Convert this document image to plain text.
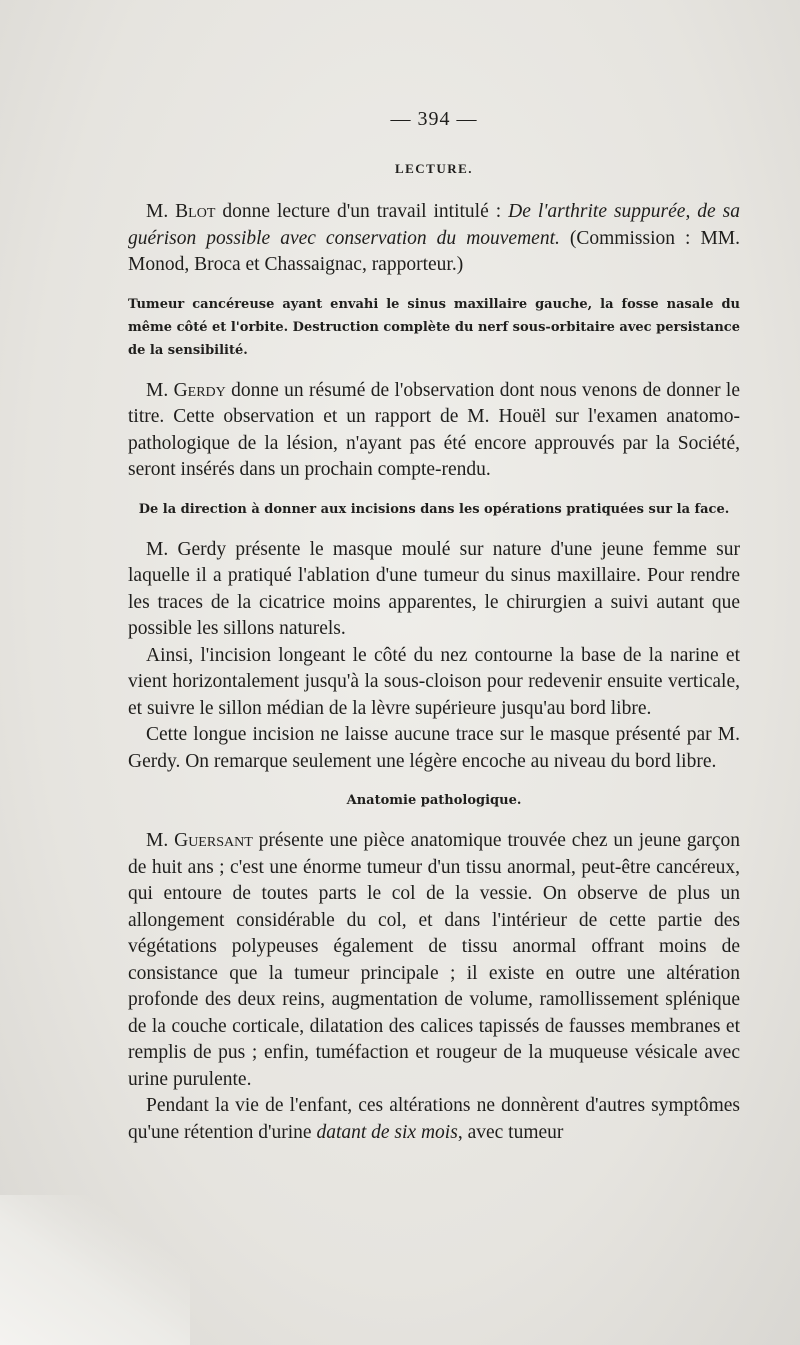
— 394 —
LECTURE.

M. Blot donne lecture d'un travail intitulé : De l'arthrite suppurée, de sa guérison possible avec conservation du mouvement. (Commission : MM. Monod, Broca et Chassaignac, rapporteur.)

Tumeur cancéreuse ayant envahi le sinus maxillaire gauche, la fosse nasale du même côté et l'orbite. Destruction complète du nerf sous-orbitaire avec persistance de la sensibilité.

M. Gerdy donne un résumé de l'observation dont nous venons de donner le titre. Cette observation et un rapport de M. Houël sur l'examen anatomo-pathologique de la lésion, n'ayant pas été encore approuvés par la Société, seront insérés dans un prochain compte-rendu.

De la direction à donner aux incisions dans les opérations pratiquées sur la face.

M. Gerdy présente le masque moulé sur nature d'une jeune femme sur laquelle il a pratiqué l'ablation d'une tumeur du sinus maxillaire. Pour rendre les traces de la cicatrice moins apparentes, le chirurgien a suivi autant que possible les sillons naturels.

Ainsi, l'incision longeant le côté du nez contourne la base de la narine et vient horizontalement jusqu'à la sous-cloison pour redevenir ensuite verticale, et suivre le sillon médian de la lèvre supérieure jusqu'au bord libre.

Cette longue incision ne laisse aucune trace sur le masque présenté par M. Gerdy. On remarque seulement une légère encoche au niveau du bord libre.

Anatomie pathologique.

M. Guersant présente une pièce anatomique trouvée chez un jeune garçon de huit ans ; c'est une énorme tumeur d'un tissu anormal, peut-être cancéreux, qui entoure de toutes parts le col de la vessie. On observe de plus un allongement considérable du col, et dans l'intérieur de cette partie des végétations polypeuses également de tissu anormal offrant moins de consistance que la tumeur principale ; il existe en outre une altération profonde des deux reins, augmentation de volume, ramollissement splénique de la couche corticale, dilatation des calices tapissés de fausses membranes et remplis de pus ; enfin, tuméfaction et rougeur de la muqueuse vésicale avec urine purulente.

Pendant la vie de l'enfant, ces altérations ne donnèrent d'autres symptômes qu'une rétention d'urine datant de six mois, avec tumeur
